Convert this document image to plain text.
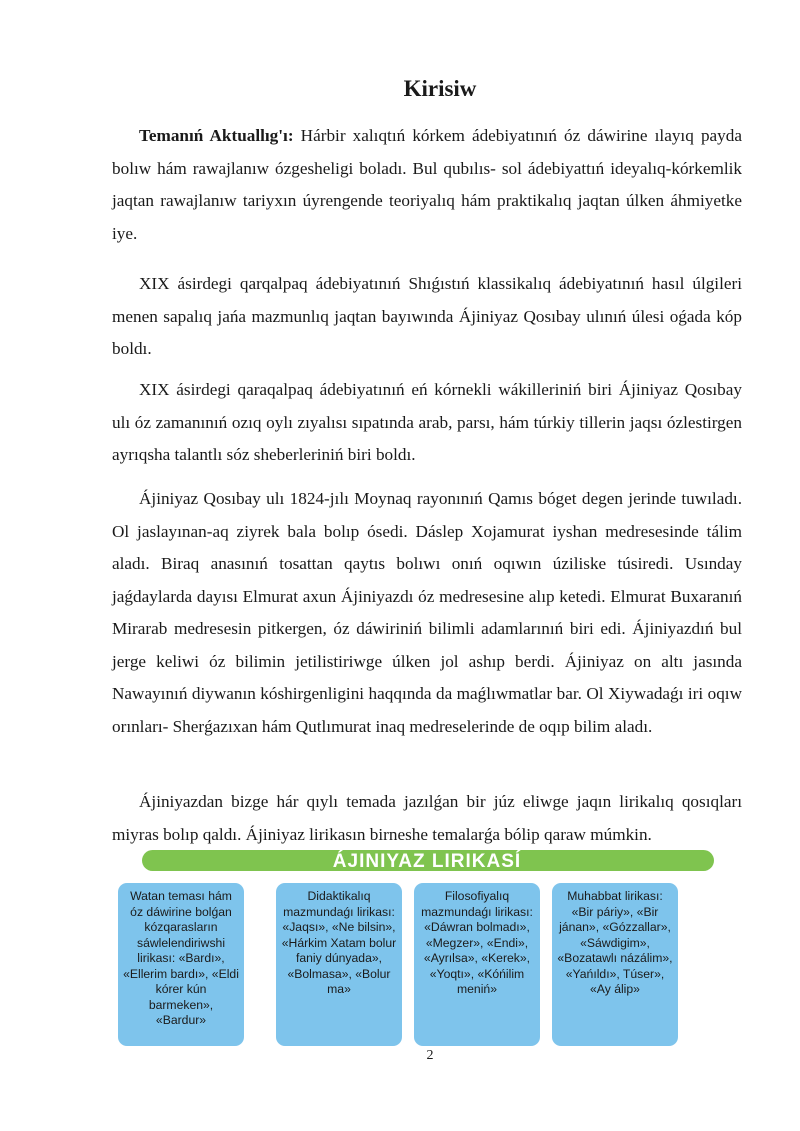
Kirisiw

Temanıń Aktuallıg'ı: Hárbir xalıqtıń kórkem ádebiyatınıń óz dáwirine ılayıq payda bolıw hám rawajlanıw ózgesheligi boladı. Bul qubılıs- sol ádebiyattıń ideyalıq-kórkemlik jaqtan rawajlanıw tariyxın úyrengende teoriyalıq hám praktikalıq jaqtan úlken áhmiyetke iye.

XIX ásirdegi qarqalpaq ádebiyatınıń Shıǵıstıń klassikalıq ádebiyatınıń hasıl úlgileri menen sapalıq jańa mazmunlıq jaqtan bayıwında Ájiniyaz Qosıbay ulınıń úlesi oǵada kóp boldı.

XIX ásirdegi qaraqalpaq ádebiyatınıń eń kórnekli wákilleriniń biri Ájiniyaz Qosıbay ulı óz zamanınıń ozıq oylı zıyalısı sıpatında arab, parsı, hám túrkiy tillerin jaqsı ózlestirgen ayrıqsha talantlı sóz sheberleriniń biri boldı.

Ájiniyaz Qosıbay ulı 1824-jılı Moynaq rayonınıń Qamıs bóget degen jerinde tuwıladı. Ol jaslayınan-aq ziyrek bala bolıp ósedi. Dáslep Xojamurat iyshan medresesinde tálim aladı. Biraq anasınıń tosattan qaytıs bolıwı onıń oqıwın úziliske túsiredi. Usınday jaǵdaylarda dayısı Elmurat axun Ájiniyazdı óz medresesine alıp ketedi. Elmurat Buxaranıń Mirarab medresesin pitkergen, óz dáwiriniń bilimli adamlarınıń biri edi. Ájiniyazdıń bul jerge keliwi óz bilimin jetilistiriwge úlken jol ashıp berdi. Ájiniyaz on altı jasında Nawayınıń diywanın kóshirgenligini haqqında da maǵlıwmatlar bar. Ol Xiywadaǵı iri oqıw orınları- Sherǵazıxan hám Qutlımurat inaq medreselerinde de oqıp bilim aladı.

Ájiniyazdan bizge hár qıylı temada jazılǵan bir júz eliwge jaqın lirikalıq qosıqları miyras bolıp qaldı. Ájiniyaz lirikasın birneshe temalarǵa bólip qaraw múmkin.

ÁJINIYAZ LIRIKASÍ
Watan teması hám óz dáwirine bolǵan kózqarasların sáwlelendiriwshi lirikası: «Bardı», «Ellerim bardı», «Eldi kórer kún barmeken», «Bardur»
Didaktikalıq mazmundaǵı lirikası: «Jaqsı», «Ne bilsin», «Hárkim Xatam bolur faniy dúnyada», «Bolmasa», «Bolur ma»
Filosofiyalıq mazmundaǵı lirikası: «Dáwran bolmadı», «Megzer», «Endi», «Ayrılsa», «Kerek», «Yoqtı», «Kóńilim meniń»
Muhabbat lirikası: «Bir páriy», «Bir jánan», «Gózzallar», «Sáwdigim», «Bozatawlı názálim», «Yańıldı», Túser», «Ay álip»
2
